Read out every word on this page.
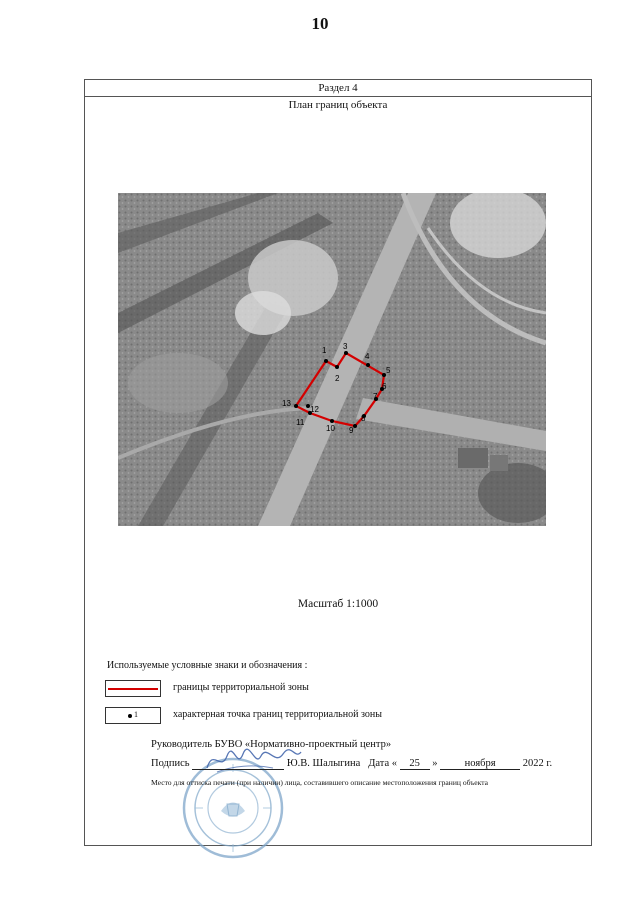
10
Раздел 4
План границ объекта
1
2
3
4
5
6
7
8
9
10
11
12
13
Масштаб 1:1000
Используемые условные знаки и обозначения :
границы территориальной зоны
1	характерная точка границ территориальной зоны
Руководитель БУВО «Нормативно-проектный центр»
Подпись	Ю.В. Шалыгина Дата « 25 »	ноября	2022 г.
Место для оттиска печати (при наличии) лица, составившего описание местоположения границ объекта
